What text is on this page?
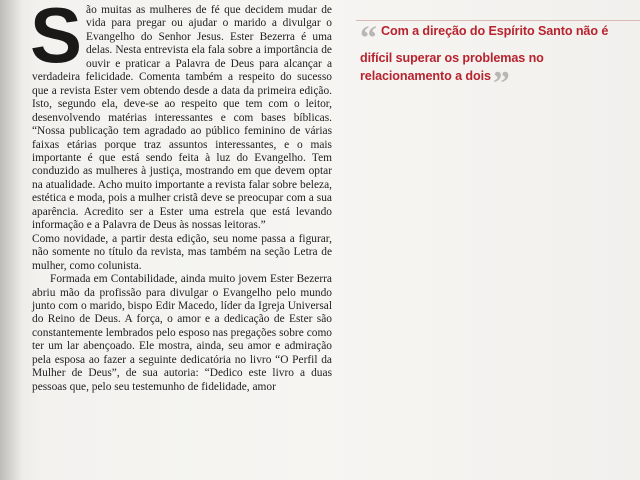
São muitas as mulheres de fé que decidem mudar de vida para pregar ou ajudar o marido a divulgar o Evangelho do Senhor Jesus. Ester Bezerra é uma delas. Nesta entrevista ela fala sobre a importância de ouvir e praticar a Palavra de Deus para alcançar a verdadeira felicidade. Comenta também a respeito do sucesso que a revista Ester vem obtendo desde a data da primeira edição. Isto, segundo ela, deve-se ao respeito que tem com o leitor, desenvolvendo matérias interessantes e com bases bíblicas. “Nossa publicação tem agradado ao público feminino de várias faixas etárias porque traz assuntos interessantes, e o mais importante é que está sendo feita à luz do Evangelho. Tem conduzido as mulheres à justiça, mostrando em que devem optar na atualidade. Acho muito importante a revista falar sobre beleza, estética e moda, pois a mulher cristã deve se preocupar com a sua aparência. Acredito ser a Ester uma estrela que está levando informação e a Palavra de Deus às nossas leitoras.”

Como novidade, a partir desta edição, seu nome passa a figurar, não somente no título da revista, mas também na seção Letra de mulher, como colunista.

Formada em Contabilidade, ainda muito jovem Ester Bezerra abriu mão da profissão para divulgar o Evangelho pelo mundo junto com o marido, bispo Edir Macedo, líder da Igreja Universal do Reino de Deus. A força, o amor e a dedicação de Ester são constantemente lembrados pelo esposo nas pregações sobre como ter um lar abençoado. Ele mostra, ainda, seu amor e admiração pela esposa ao fazer a seguinte dedicatória no livro “O Perfil da Mulher de Deus”, de sua autoria: “Dedico este livro a duas pessoas que, pelo seu testemunho de fidelidade, amor

“ Com a direção do Espírito Santo não é difícil superar os problemas no relacionamento a dois”
